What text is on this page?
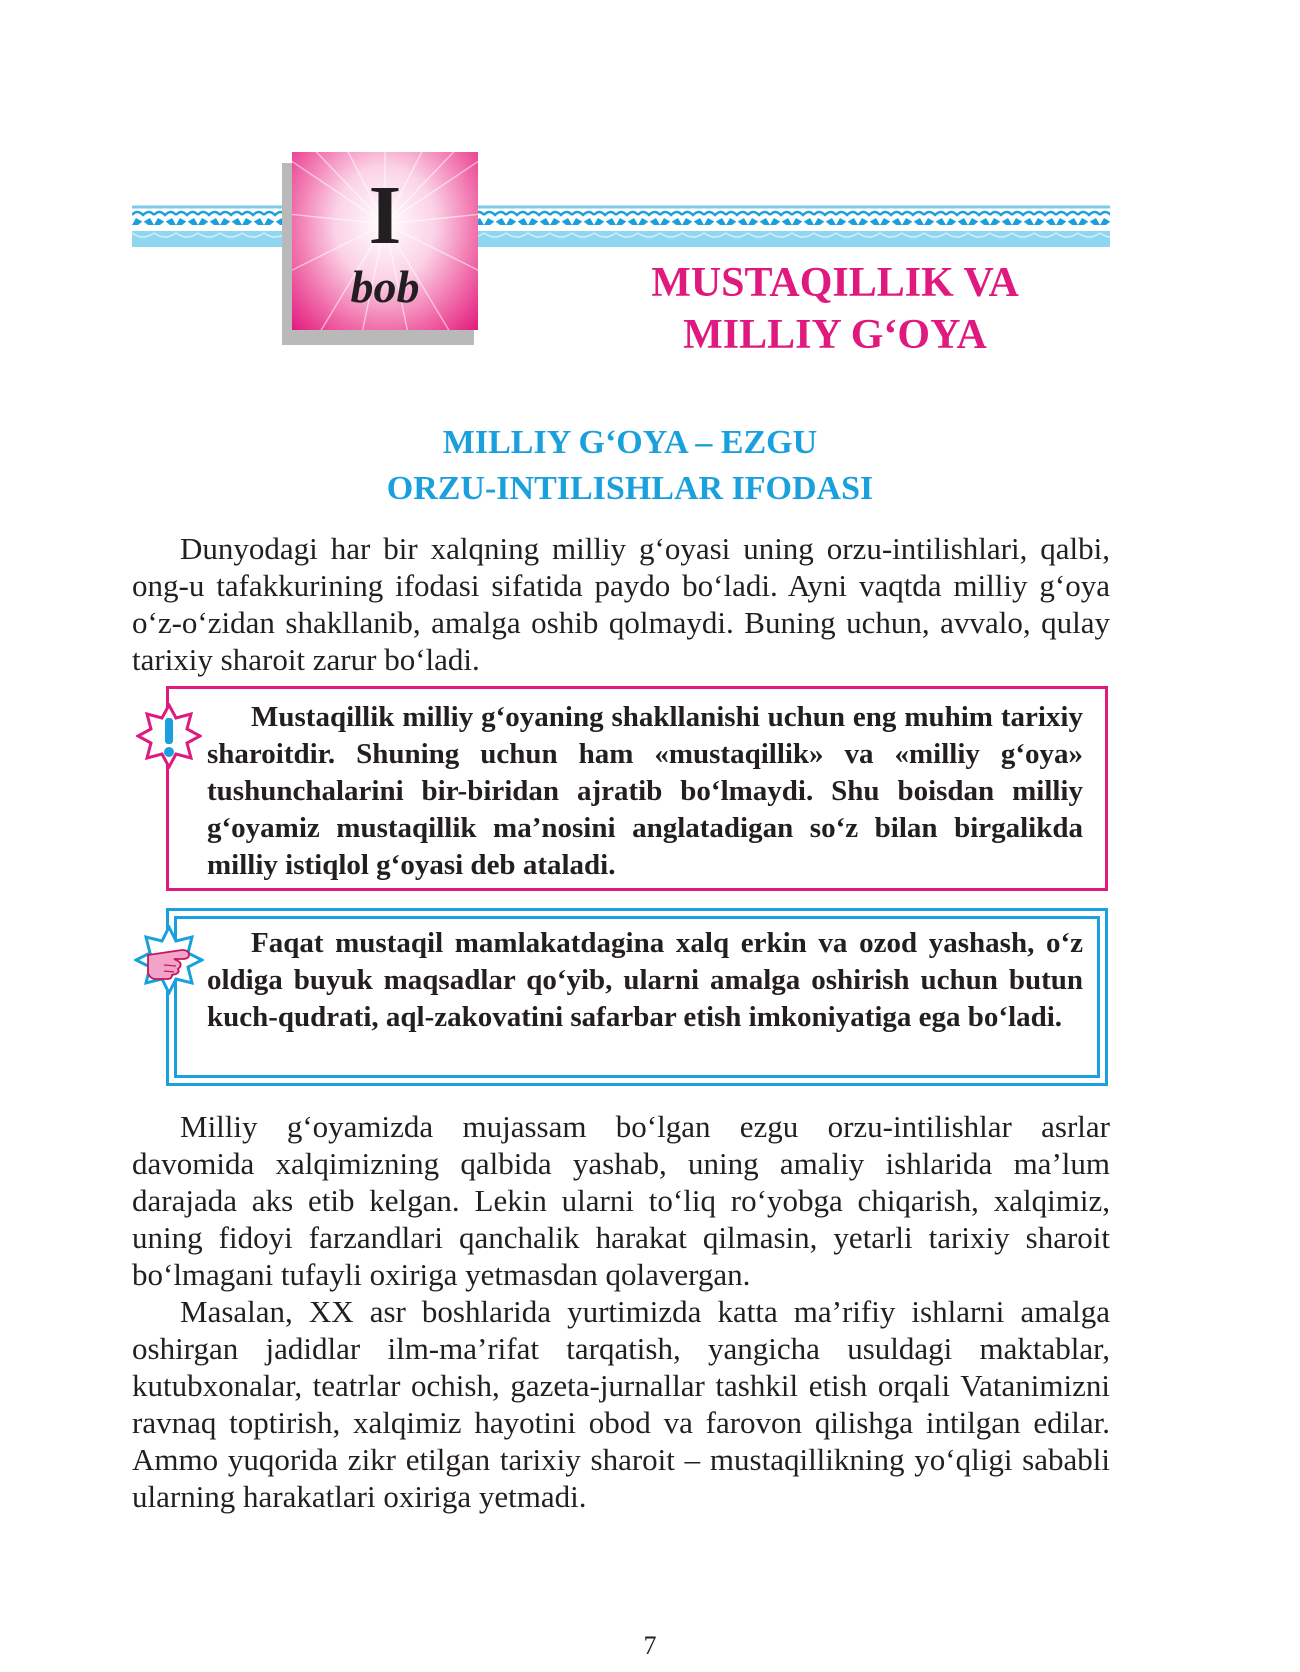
I
bob	MUSTAQILLIK VA
MILLIY G‘OYA
MILLIY G‘OYA – EZGU
ORZU-INTILISHLAR IFODASI

Dunyodagi har bir xalqning milliy g‘oyasi uning orzu-intilishlari, qalbi, ong-u tafakkurining ifodasi sifatida paydo bo‘ladi. Ayni vaqtda milliy g‘oya o‘z-o‘zidan shakllanib, amalga oshib qolmaydi. Buning uchun, avvalo, qulay tarixiy sharoit zarur bo‘ladi.

Mustaqillik milliy g‘oyaning shakllanishi uchun eng muhim tarixiy sharoitdir. Shuning uchun ham «mustaqillik» va «milliy g‘oya» tushunchalarini bir-biridan ajratib bo‘lmaydi. Shu boisdan milliy g‘oyamiz mustaqillik ma’nosini anglatadigan so‘z bilan birgalikda milliy istiqlol g‘oyasi deb ataladi.
Faqat mustaqil mamlakatdagina xalq erkin va ozod yashash, o‘z oldiga buyuk maqsadlar qo‘yib, ularni amalga oshirish uchun butun kuch-qudrati, aql-zakovatini safarbar etish imkoniyatiga ega bo‘ladi.

Milliy g‘oyamizda mujassam bo‘lgan ezgu orzu-intilishlar asrlar davomida xalqimizning qalbida yashab, uning amaliy ishlarida ma’lum darajada aks etib kelgan. Lekin ularni to‘liq ro‘yobga chiqarish, xalqimiz, uning fidoyi farzandlari qanchalik harakat qilmasin, yetarli tarixiy sharoit bo‘lmagani tufayli oxiriga yetmasdan qolavergan.

Masalan, XX asr boshlarida yurtimizda katta ma’rifiy ishlarni amalga oshirgan jadidlar ilm-ma’rifat tarqatish, yangicha usuldagi maktablar, kutubxonalar, teatrlar ochish, gazeta-jurnallar tashkil etish orqali Vatanimizni ravnaq toptirish, xalqimiz hayotini obod va farovon qilishga intilgan edilar. Ammo yuqorida zikr etilgan tarixiy sharoit – mustaqillikning yo‘qligi sababli ularning harakatlari oxiriga yetmadi.

7
